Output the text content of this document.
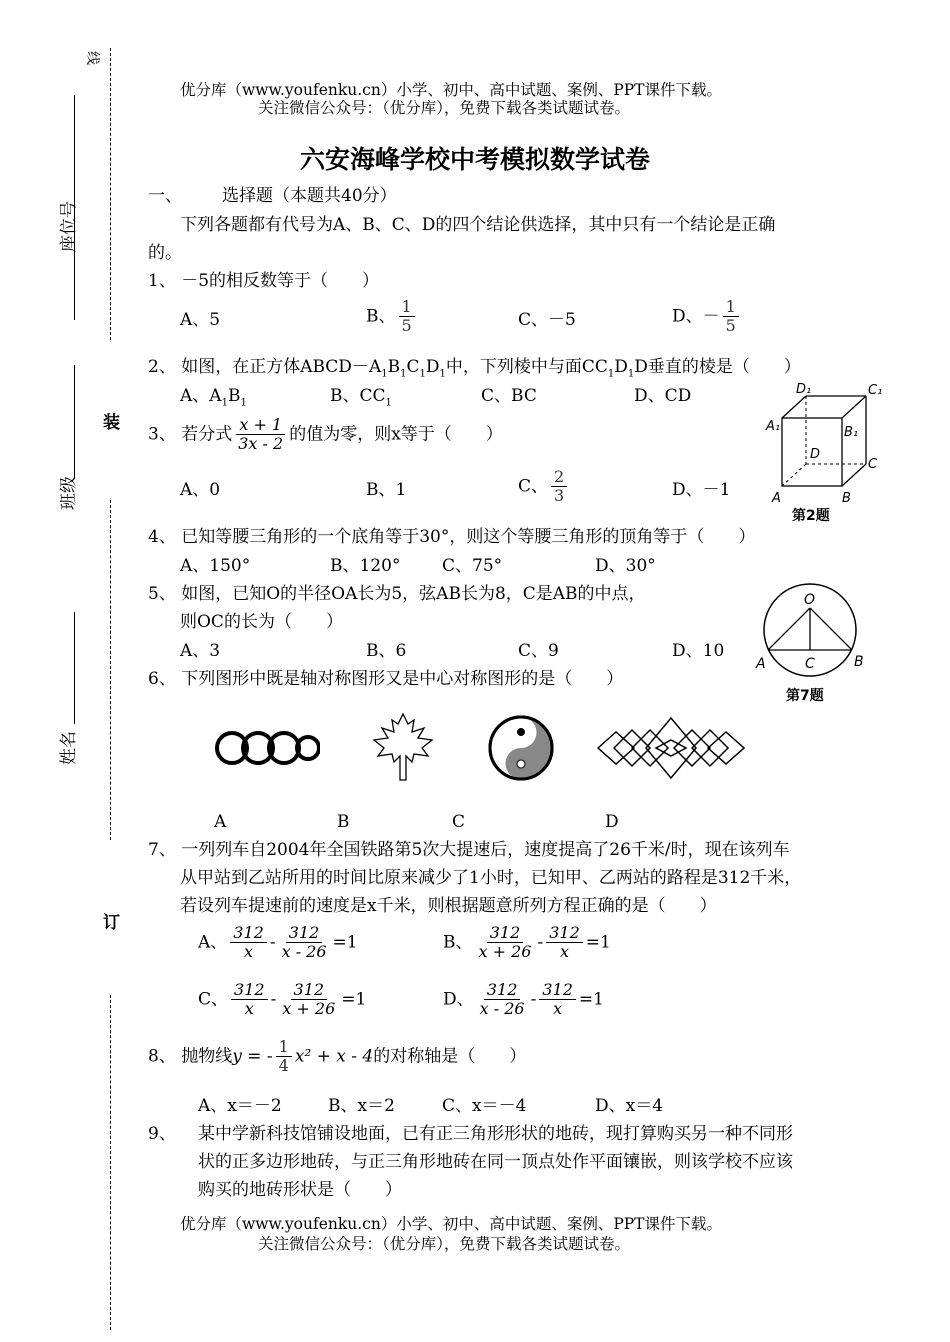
座位号
班级
姓名
线
装
订
优分库（www.youfenku.cn）小学、初中、高中试题、案例、PPT课件下载。
关注微信公众号：（优分库），免费下载各类试题试卷。
六安海峰学校中考模拟数学试卷
一、 选择题（本题共40分）
下列各题都有代号为A、B、C、D的四个结论供选择，其中只有一个结论是正确
的。
1、 －5的相反数等于（　　）
A、5	B、 $\frac{1}{5}$	C、－5	D、－ $\frac{1}{5}$
2、 如图，在正方体$ABCD-A_1B_1C_1D_1$中，下列棱中与面$CC_1D_1D$垂直的棱是（　　）
A、$A_1B_1$	B、$CC_1$	C、BC	D、CD	D₁	C₁
A₁	B₁
D
C
A	B
第2题
3、 若分式 $\frac{x + 1}{3x - 2}$ 的值为零，则x等于（　　）
A、0	B、1	C、 $\frac{2}{3}$	D、－1
4、 已知等腰三角形的一个底角等于30°，则这个等腰三角形的顶角等于（　　）
A、150°	B、120° C、75°	D、30°
5、 如图，已知O的半径OA长为5，弦AB长为8，C是AB的中点，
则OC的长为（　　）
A、3	B、6	C、9	D、10
O
A	B
C
第7题
6、 下列图形中既是轴对称图形又是中心对称图形的是（　　）
A	B	C	D
7、 一列列车自2004年全国铁路第5次大提速后，速度提高了26千米/时，现在该列车
从甲站到乙站所用的时间比原来减少了1小时，已知甲、乙两站的路程是312千米，
若设列车提速前的速度是x千米，则根据题意所列方程正确的是（　　）
A、 $\frac{312}{x} - \frac{312}{x - 26} =1$	B、 $\frac{312}{x + 26} - \frac{312}{x} =1$
C、 $\frac{312}{x} - \frac{312}{x + 26} =1$	D、 $\frac{312}{x - 26} - \frac{312}{x} =1$
8、 抛物线y = - $\frac{1}{4} x^2 + x - 4$的对称轴是（　　）
A、x＝－2	B、x＝2	C、x＝－4	D、x＝4
9、 某中学新科技馆铺设地面，已有正三角形形状的地砖，现打算购买另一种不同形
状的正多边形地砖，与正三角形地砖在同一顶点处作平面镶嵌，则该学校不应该
购买的地砖形状是（　　）
优分库（www.youfenku.cn）小学、初中、高中试题、案例、PPT课件下载。
关注微信公众号：（优分库），免费下载各类试题试卷。
